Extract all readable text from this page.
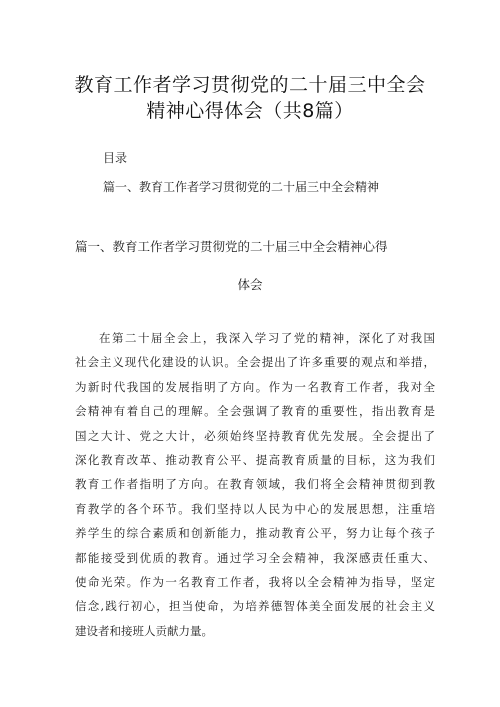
教育工作者学习贯彻党的二十届三中全会
精神心得体会（共8篇）
目录
篇一、教育工作者学习贯彻党的二十届三中全会精神
篇一、教育工作者学习贯彻党的二十届三中全会精神心得
体会
在第二十届全会上，我深入学习了党的精神，深化了对我国
社会主义现代化建设的认识。全会提出了许多重要的观点和举措，
为新时代我国的发展指明了方向。作为一名教育工作者，我对全
会精神有着自己的理解。全会强调了教育的重要性，指出教育是
国之大计、党之大计，必须始终坚持教育优先发展。全会提出了
深化教育改革、推动教育公平、提高教育质量的目标，这为我们
教育工作者指明了方向。在教育领域，我们将全会精神贯彻到教
育教学的各个环节。我们坚持以人民为中心的发展思想，注重培
养学生的综合素质和创新能力，推动教育公平，努力让每个孩子
都能接受到优质的教育。通过学习全会精神，我深感责任重大、
使命光荣。作为一名教育工作者，我将以全会精神为指导，坚定
信念,践行初心，担当使命，为培养德智体美全面发展的社会主义
建设者和接班人贡献力量。
